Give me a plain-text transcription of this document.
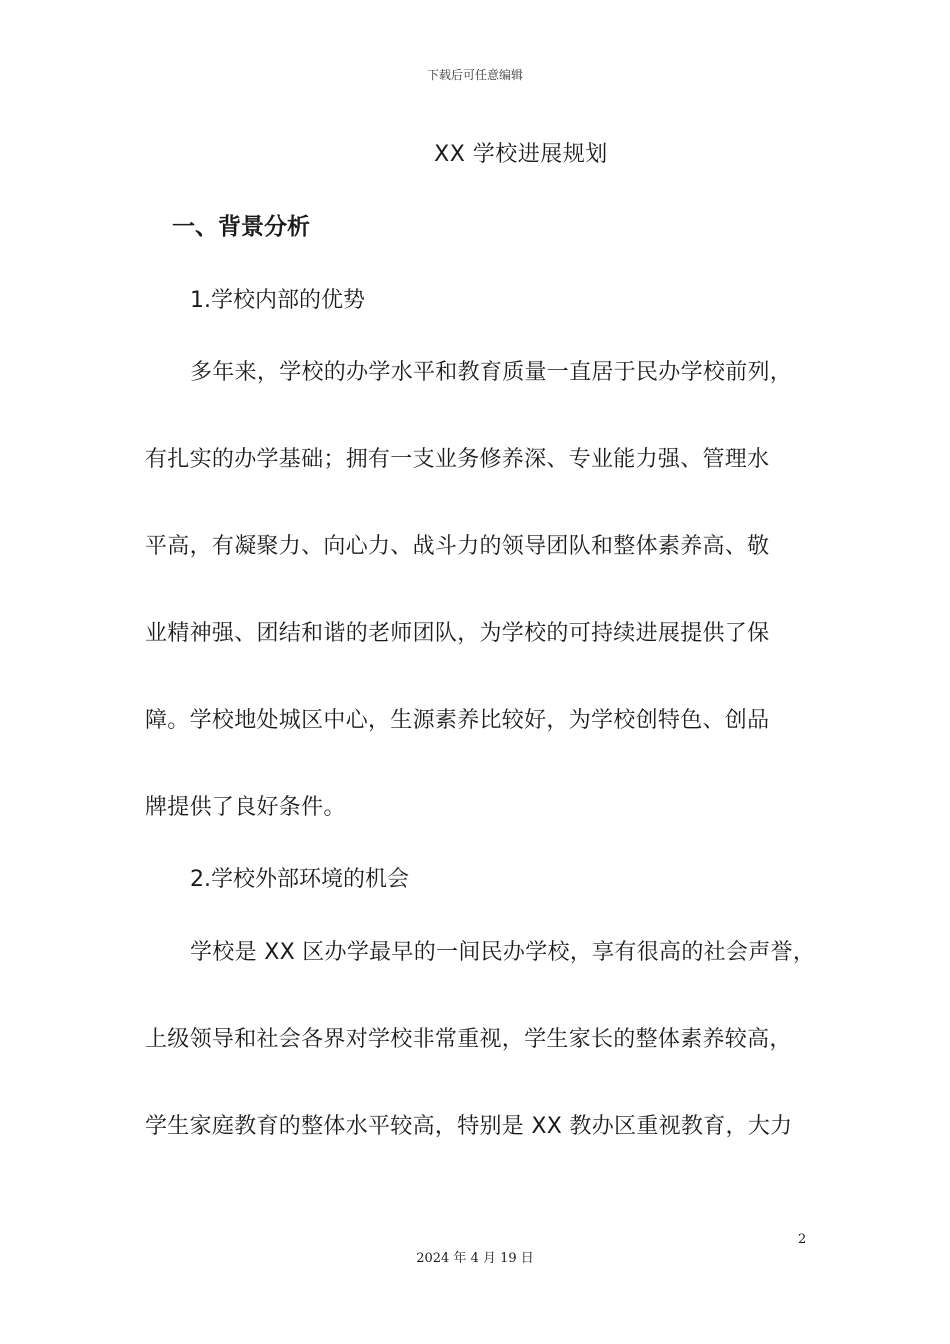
下载后可任意编辑
XX 学校进展规划
一、背景分析
1.学校内部的优势
多年来，学校的办学水平和教育质量一直居于民办学校前列，
有扎实的办学基础；拥有一支业务修养深、专业能力强、管理水
平高，有凝聚力、向心力、战斗力的领导团队和整体素养高、敬
业精神强、团结和谐的老师团队，为学校的可持续进展提供了保
障。学校地处城区中心，生源素养比较好，为学校创特色、创品
牌提供了良好条件。
2.学校外部环境的机会
学校是 XX 区办学最早的一间民办学校，享有很高的社会声誉，
上级领导和社会各界对学校非常重视，学生家长的整体素养较高，
学生家庭教育的整体水平较高，特别是 XX 教办区重视教育，大力
2
2024 年 4 月 19 日
